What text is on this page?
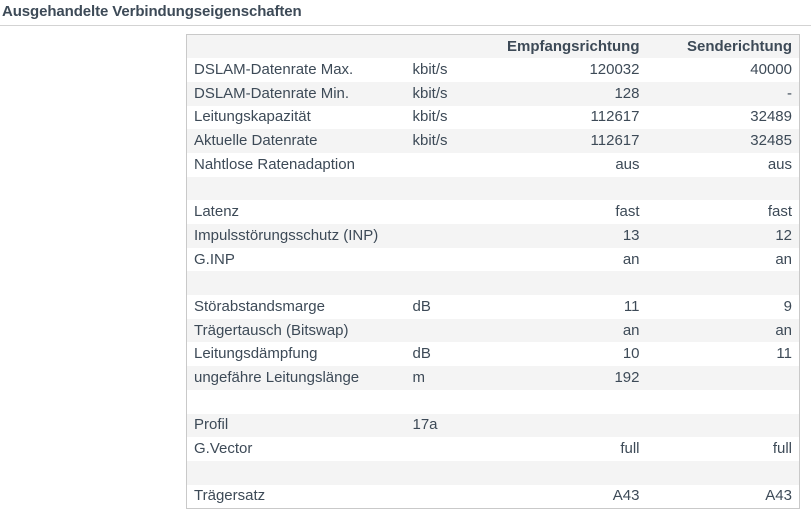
Ausgehandelte Verbindungseigenschaften
		Empfangsrichtung	Senderichtung
DSLAM-Datenrate Max.	kbit/s	120032	40000
DSLAM-Datenrate Min.	kbit/s	128	-
Leitungskapazität	kbit/s	112617	32489
Aktuelle Datenrate	kbit/s	112617	32485
Nahtlose Ratenadaption		aus	aus

Latenz		fast	fast
Impulsstörungsschutz (INP)		13	12
G.INP		an	an

Störabstandsmarge	dB	11	9
Trägertausch (Bitswap)		an	an
Leitungsdämpfung	dB	10	11
ungefähre Leitungslänge	m	192	

Profil	17a		
G.Vector		full	full

Trägersatz		A43	A43
